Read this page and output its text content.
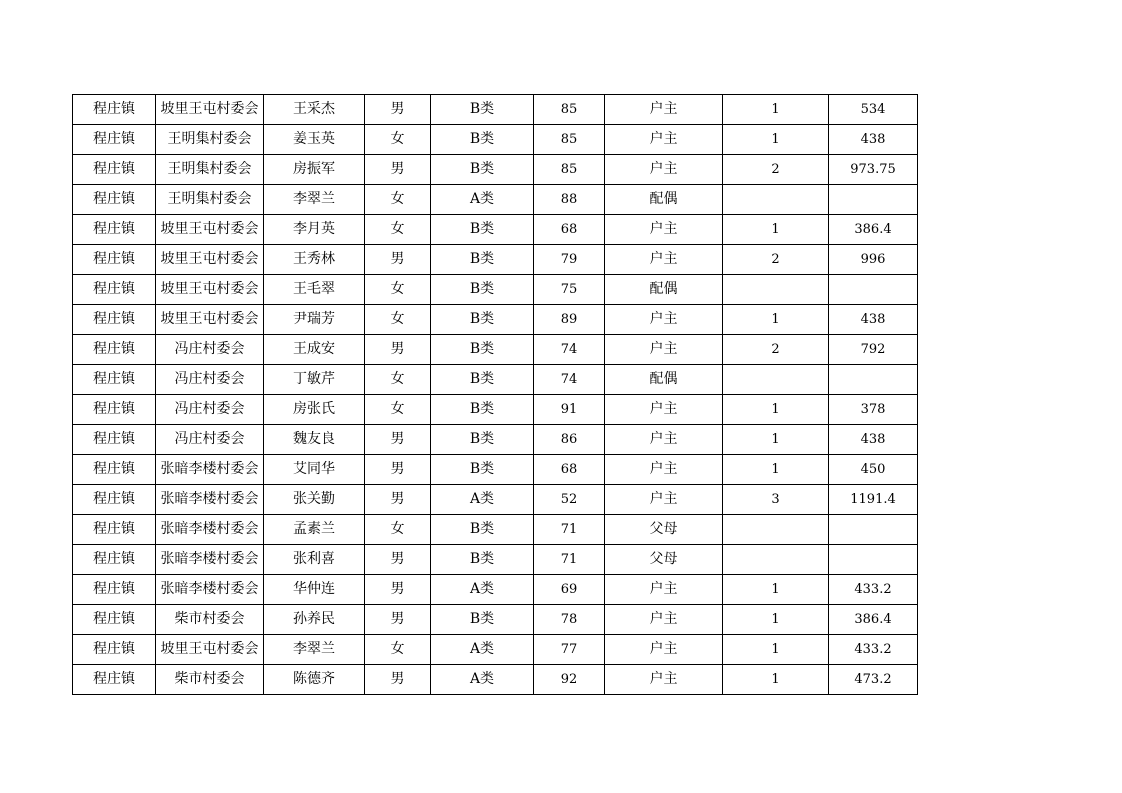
程庄镇	坡里王屯村委会	王采杰	男	B类	85	户主	1	534
程庄镇	王明集村委会	姜玉英	女	B类	85	户主	1	438
程庄镇	王明集村委会	房振军	男	B类	85	户主	2	973.75
程庄镇	王明集村委会	李翠兰	女	A类	88	配偶		
程庄镇	坡里王屯村委会	李月英	女	B类	68	户主	1	386.4
程庄镇	坡里王屯村委会	王秀林	男	B类	79	户主	2	996
程庄镇	坡里王屯村委会	王毛翠	女	B类	75	配偶		
程庄镇	坡里王屯村委会	尹瑞芳	女	B类	89	户主	1	438
程庄镇	冯庄村委会	王成安	男	B类	74	户主	2	792
程庄镇	冯庄村委会	丁敏芹	女	B类	74	配偶		
程庄镇	冯庄村委会	房张氏	女	B类	91	户主	1	378
程庄镇	冯庄村委会	魏友良	男	B类	86	户主	1	438
程庄镇	张暗李楼村委会	艾同华	男	B类	68	户主	1	450
程庄镇	张暗李楼村委会	张关勤	男	A类	52	户主	3	1191.4
程庄镇	张暗李楼村委会	孟素兰	女	B类	71	父母		
程庄镇	张暗李楼村委会	张利喜	男	B类	71	父母		
程庄镇	张暗李楼村委会	华仲连	男	A类	69	户主	1	433.2
程庄镇	柴市村委会	孙养民	男	B类	78	户主	1	386.4
程庄镇	坡里王屯村委会	李翠兰	女	A类	77	户主	1	433.2
程庄镇	柴市村委会	陈德齐	男	A类	92	户主	1	473.2
